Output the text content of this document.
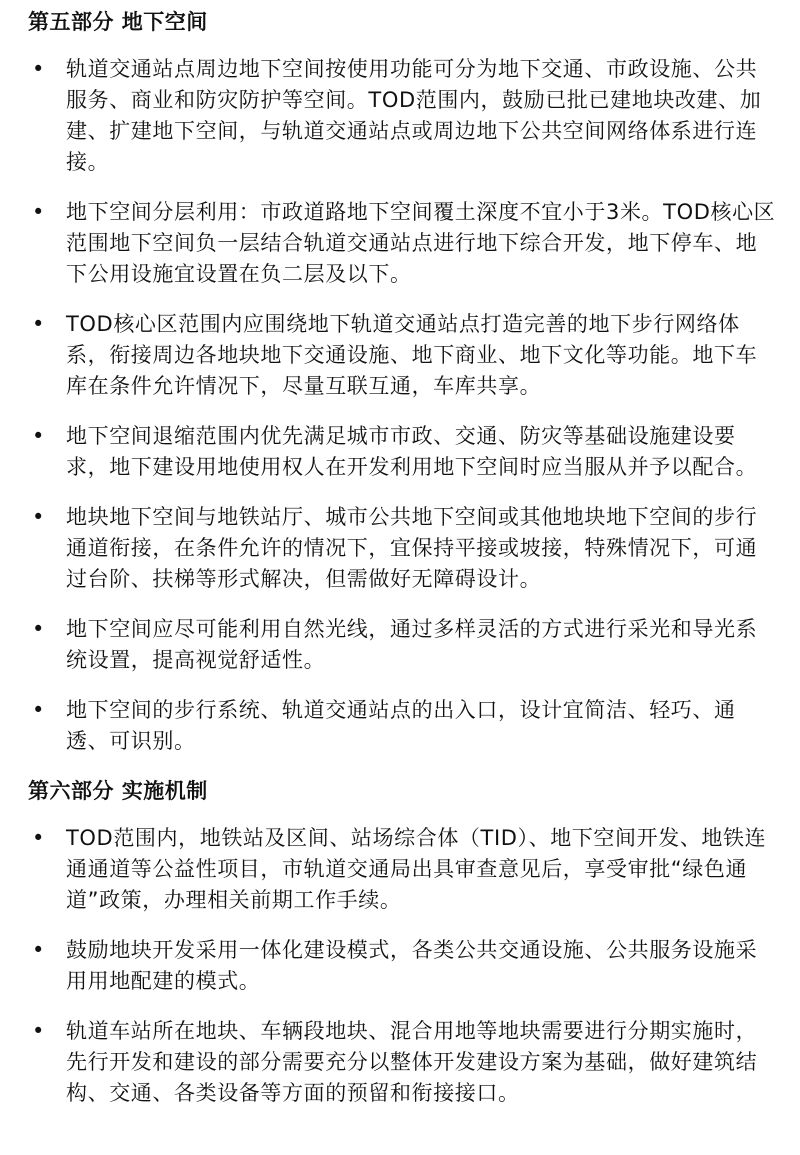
第五部分 地下空间
• 轨道交通站点周边地下空间按使用功能可分为地下交通、市政设施、公共服务、商业和防灾防护等空间。TOD范围内，鼓励已批已建地块改建、加建、扩建地下空间，与轨道交通站点或周边地下公共空间网络体系进行连接。
• 地下空间分层利用：市政道路地下空间覆土深度不宜小于3米。TOD核心区范围地下空间负一层结合轨道交通站点进行地下综合开发，地下停车、地下公用设施宜设置在负二层及以下。
• TOD核心区范围内应围绕地下轨道交通站点打造完善的地下步行网络体系，衔接周边各地块地下交通设施、地下商业、地下文化等功能。地下车库在条件允许情况下，尽量互联互通，车库共享。
• 地下空间退缩范围内优先满足城市市政、交通、防灾等基础设施建设要求，地下建设用地使用权人在开发利用地下空间时应当服从并予以配合。
• 地块地下空间与地铁站厅、城市公共地下空间或其他地块地下空间的步行通道衔接，在条件允许的情况下，宜保持平接或坡接，特殊情况下，可通过台阶、扶梯等形式解决，但需做好无障碍设计。
• 地下空间应尽可能利用自然光线，通过多样灵活的方式进行采光和导光系统设置，提高视觉舒适性。
• 地下空间的步行系统、轨道交通站点的出入口，设计宜简洁、轻巧、通透、可识别。
第六部分 实施机制
• TOD范围内，地铁站及区间、站场综合体（TID）、地下空间开发、地铁连通通道等公益性项目，市轨道交通局出具审查意见后，享受审批“绿色通道”政策，办理相关前期工作手续。
• 鼓励地块开发采用一体化建设模式，各类公共交通设施、公共服务设施采用用地配建的模式。
• 轨道车站所在地块、车辆段地块、混合用地等地块需要进行分期实施时，先行开发和建设的部分需要充分以整体开发建设方案为基础，做好建筑结构、交通、各类设备等方面的预留和衔接接口。
